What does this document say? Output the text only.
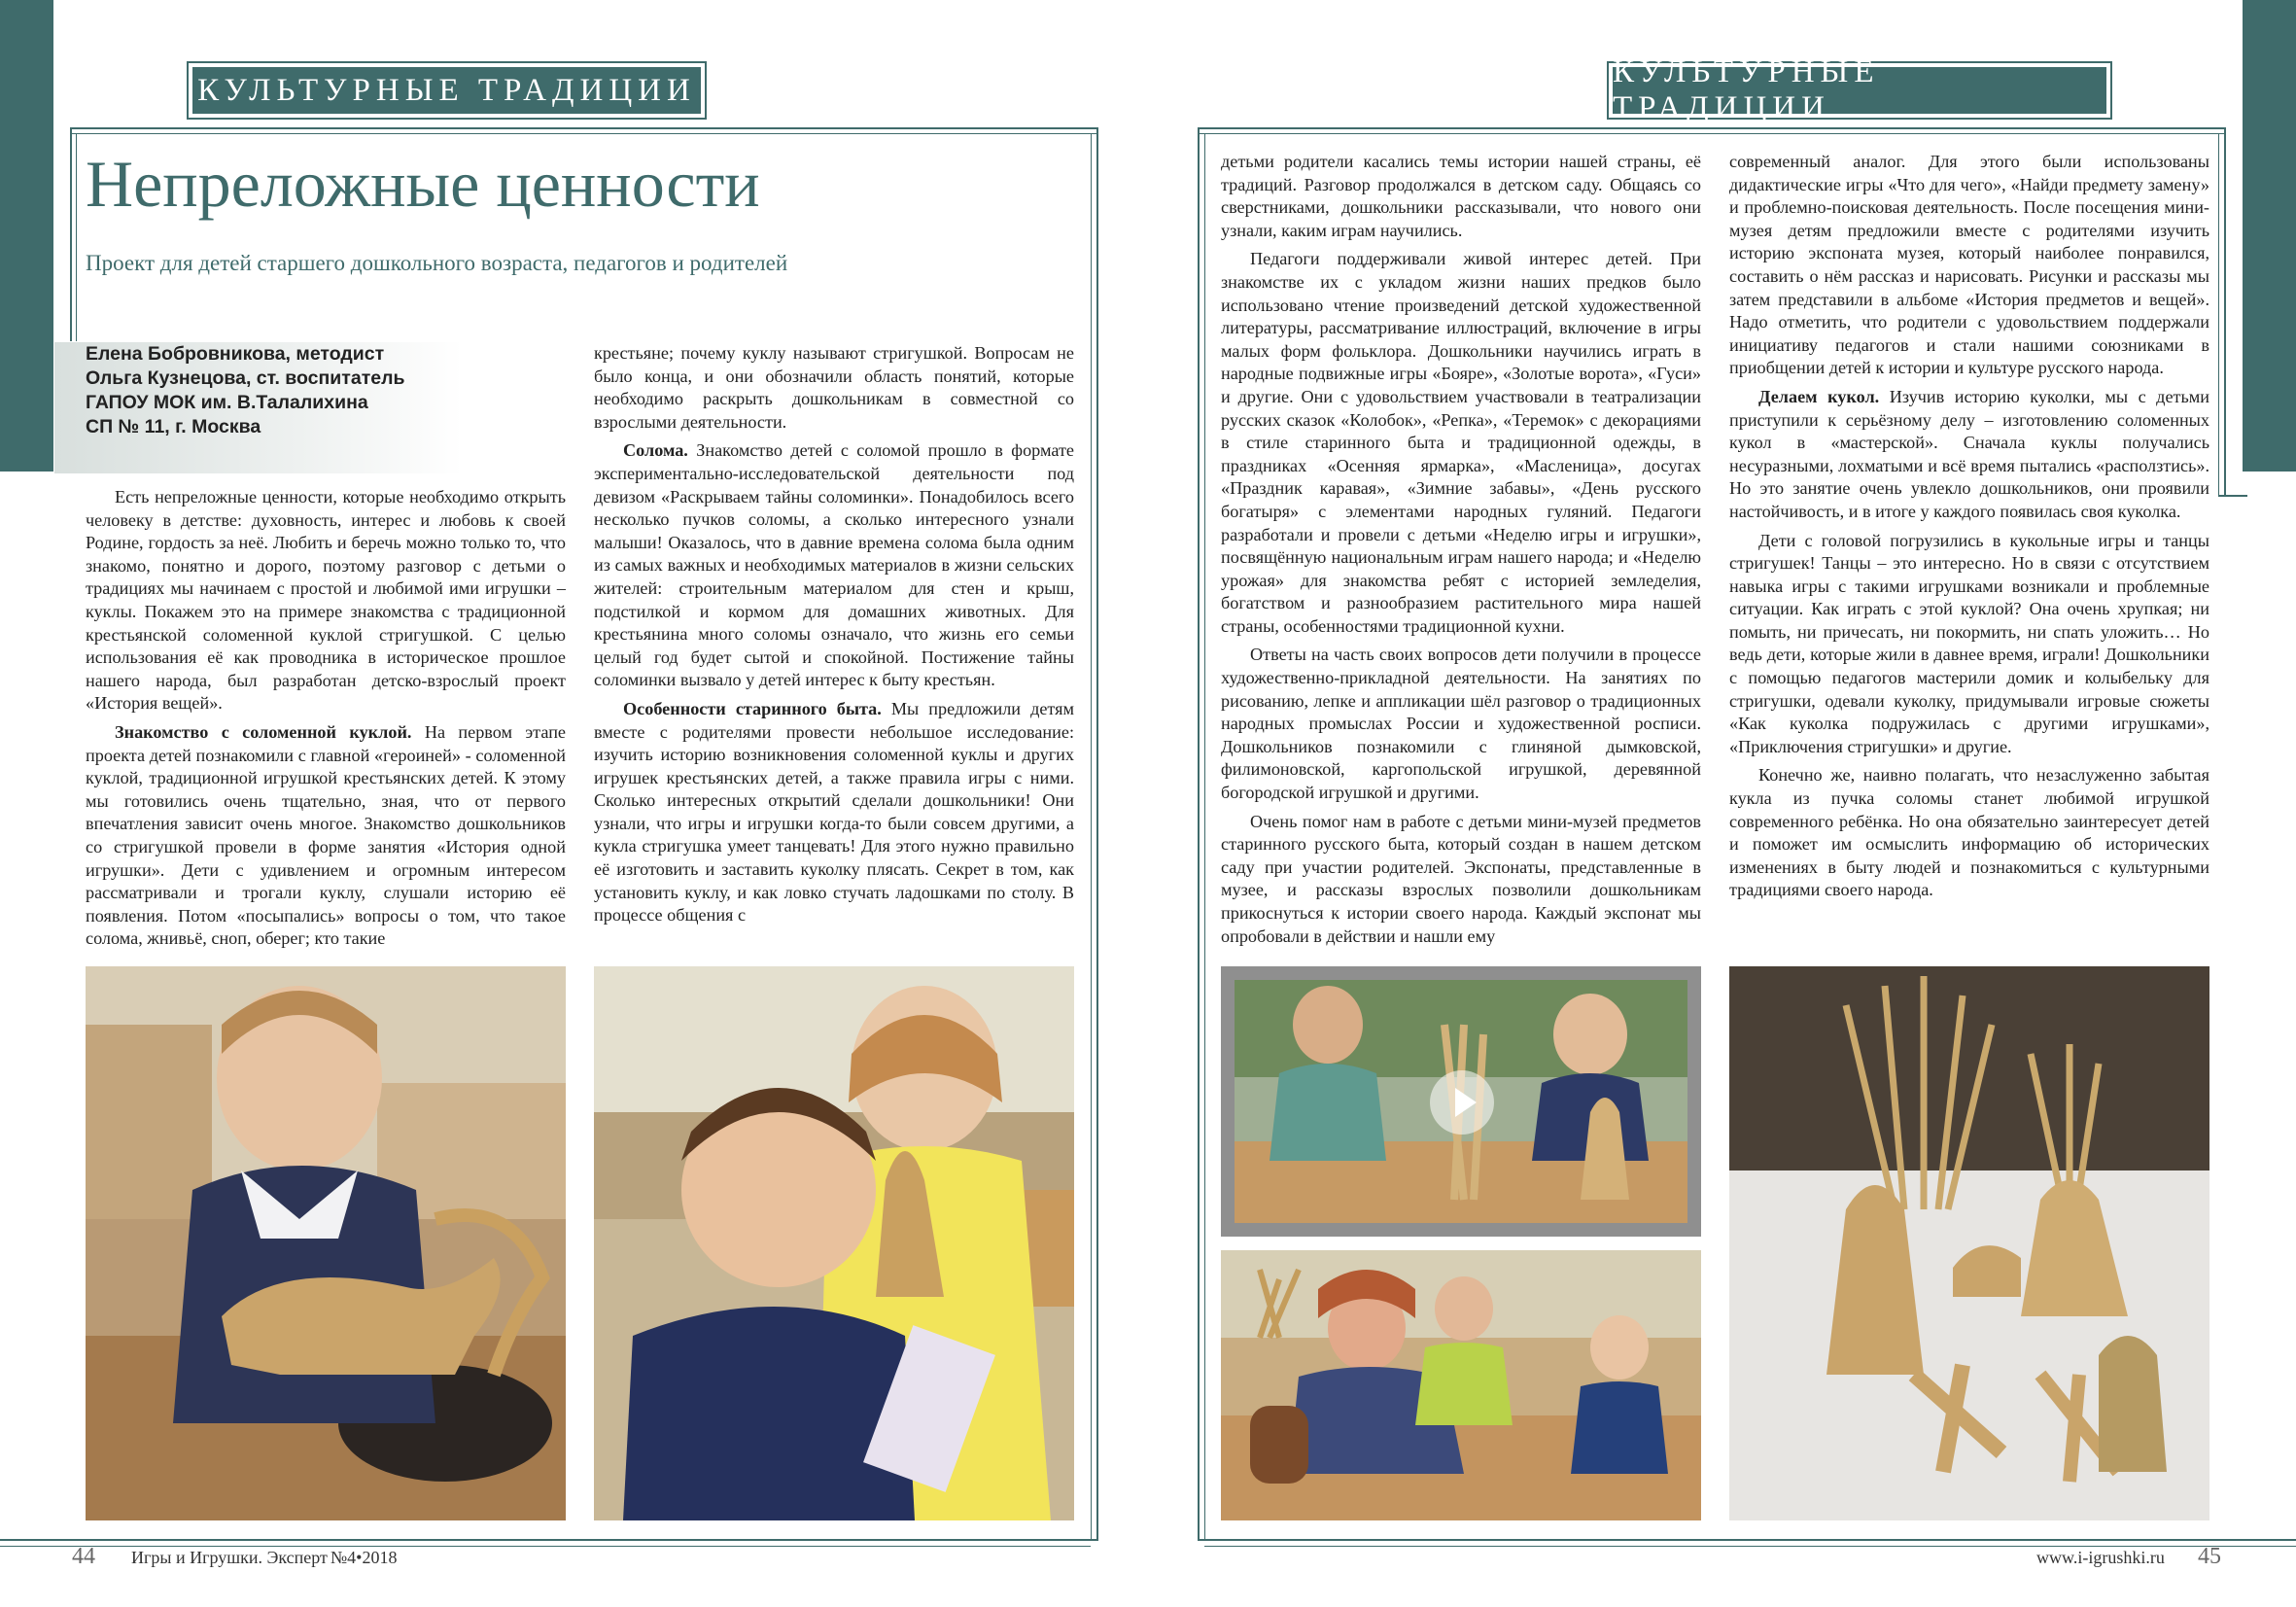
КУЛЬТУРНЫЕ ТРАДИЦИИ
КУЛЬТУРНЫЕ ТРАДИЦИИ
Непреложные ценности
Проект для детей старшего дошкольного возраста, педагогов и родителей
Елена Бобровникова, методист
Ольга Кузнецова, ст. воспитатель
ГАПОУ МОК им. В.Талалихина
СП № 11, г. Москва

Есть непреложные ценности, которые необходимо открыть человеку в детстве: духовность, интерес и любовь к своей Родине, гордость за неё. Любить и беречь можно только то, что знакомо, понятно и дорого, поэтому разговор с детьми о традициях мы начинаем с простой и любимой ими игрушки – куклы. Покажем это на примере знакомства с традиционной крестьянской соломенной куклой стригушкой. С целью использования её как проводника в историческое прошлое нашего народа, был разработан детско-взрослый проект «История вещей».

Знакомство с соломенной куклой. На первом этапе проекта детей познакомили с главной «героиней» - соломенной куклой, традиционной игрушкой крестьянских детей. К этому мы готовились очень тщательно, зная, что от первого впечатления зависит очень многое. Знакомство дошкольников со стригушкой провели в форме занятия «История одной игрушки». Дети с удивлением и огромным интересом рассматривали и трогали куклу, слушали историю её появления. Потом «посыпались» вопросы о том, что такое солома, жнивьё, сноп, оберег; кто такие

крестьяне; почему куклу называют стригушкой. Вопросам не было конца, и они обозначили область понятий, которые необходимо раскрыть дошкольникам в совместной со взрослыми деятельности.

Солома. Знакомство детей с соломой прошло в формате экспериментально-исследовательской деятельности под девизом «Раскрываем тайны соломинки». Понадобилось всего несколько пучков соломы, а сколько интересного узнали малыши! Оказалось, что в давние времена солома была одним из самых важных и необходимых материалов в жизни сельских жителей: строительным материалом для стен и крыш, подстилкой и кормом для домашних животных. Для крестьянина много соломы означало, что жизнь его семьи целый год будет сытой и спокойной. Постижение тайны соломинки вызвало у детей интерес к быту крестьян.

Особенности старинного быта. Мы предложили детям вместе с родителями провести небольшое исследование: изучить историю возникновения соломенной куклы и других игрушек крестьянских детей, а также правила игры с ними. Сколько интересных открытий сделали дошкольники! Они узнали, что игры и игрушки когда-то были совсем другими, а кукла стригушка умеет танцевать! Для этого нужно правильно её изготовить и заставить куколку плясать. Секрет в том, как установить куклу, и как ловко стучать ладошками по столу. В процессе общения с

детьми родители касались темы истории нашей страны, её традиций. Разговор продолжался в детском саду. Общаясь со сверстниками, дошкольники рассказывали, что нового они узнали, каким играм научились.

Педагоги поддерживали живой интерес детей. При знакомстве их с укладом жизни наших предков было использовано чтение произведений детской художественной литературы, рассматривание иллюстраций, включение в игры малых форм фольклора. Дошкольники научились играть в народные подвижные игры «Бояре», «Золотые ворота», «Гуси» и другие. Они с удовольствием участвовали в театрализации русских сказок «Колобок», «Репка», «Теремок» с декорациями в стиле старинного быта и традиционной одежды, в праздниках «Осенняя ярмарка», «Масленица», досугах «Праздник каравая», «Зимние забавы», «День русского богатыря» с элементами народных гуляний. Педагоги разработали и провели с детьми «Неделю игры и игрушки», посвящённую национальным играм нашего народа; и «Неделю урожая» для знакомства ребят с историей земледелия, богатством и разнообразием растительного мира нашей страны, особенностями традиционной кухни.

Ответы на часть своих вопросов дети получили в процессе художественно-прикладной деятельности. На занятиях по рисованию, лепке и аппликации шёл разговор о традиционных народных промыслах России и художественной росписи. Дошкольников познакомили с глиняной дымковской, филимоновской, каргопольской игрушкой, деревянной богородской игрушкой и другими.

Очень помог нам в работе с детьми мини-музей предметов старинного русского быта, который создан в нашем детском саду при участии родителей. Экспонаты, представленные в музее, и рассказы взрослых позволили дошкольникам прикоснуться к истории своего народа. Каждый экспонат мы опробовали в действии и нашли ему

современный аналог. Для этого были использованы дидактические игры «Что для чего», «Найди предмету замену» и проблемно-поисковая деятельность. После посещения мини-музея детям предложили вместе с родителями изучить историю экспоната музея, который наиболее понравился, составить о нём рассказ и нарисовать. Рисунки и рассказы мы затем представили в альбоме «История предметов и вещей». Надо отметить, что родители с удовольствием поддержали инициативу педагогов и стали нашими союзниками в приобщении детей к истории и культуре русского народа.

Делаем кукол. Изучив историю куколки, мы с детьми приступили к серьёзному делу – изготовлению соломенных кукол в «мастерской». Сначала куклы получались несуразными, лохматыми и всё время пытались «расползтись». Но это занятие очень увлекло дошкольников, они проявили настойчивость, и в итоге у каждого появилась своя куколка.

Дети с головой погрузились в кукольные игры и танцы стригушек! Танцы – это интересно. Но в связи с отсутствием навыка игры с такими игрушками возникали и проблемные ситуации. Как играть с этой куклой? Она очень хрупкая; ни помыть, ни причесать, ни покормить, ни спать уложить… Но ведь дети, которые жили в давнее время, играли! Дошкольники с помощью педагогов мастерили домик и колыбельку для стригушки, одевали куколку, придумывали игровые сюжеты «Как куколка подружилась с другими игрушками», «Приключения стригушки» и другие.

Конечно же, наивно полагать, что незаслуженно забытая кукла из пучка соломы станет любимой игрушкой современного ребёнка. Но она обязательно заинтересует детей и поможет им осмыслить информацию об исторических изменениях в быту людей и познакомиться с культурными традициями своего народа.

44 Игры и Игрушки. Эксперт №4•2018	www.i-igrushki.ru 45
